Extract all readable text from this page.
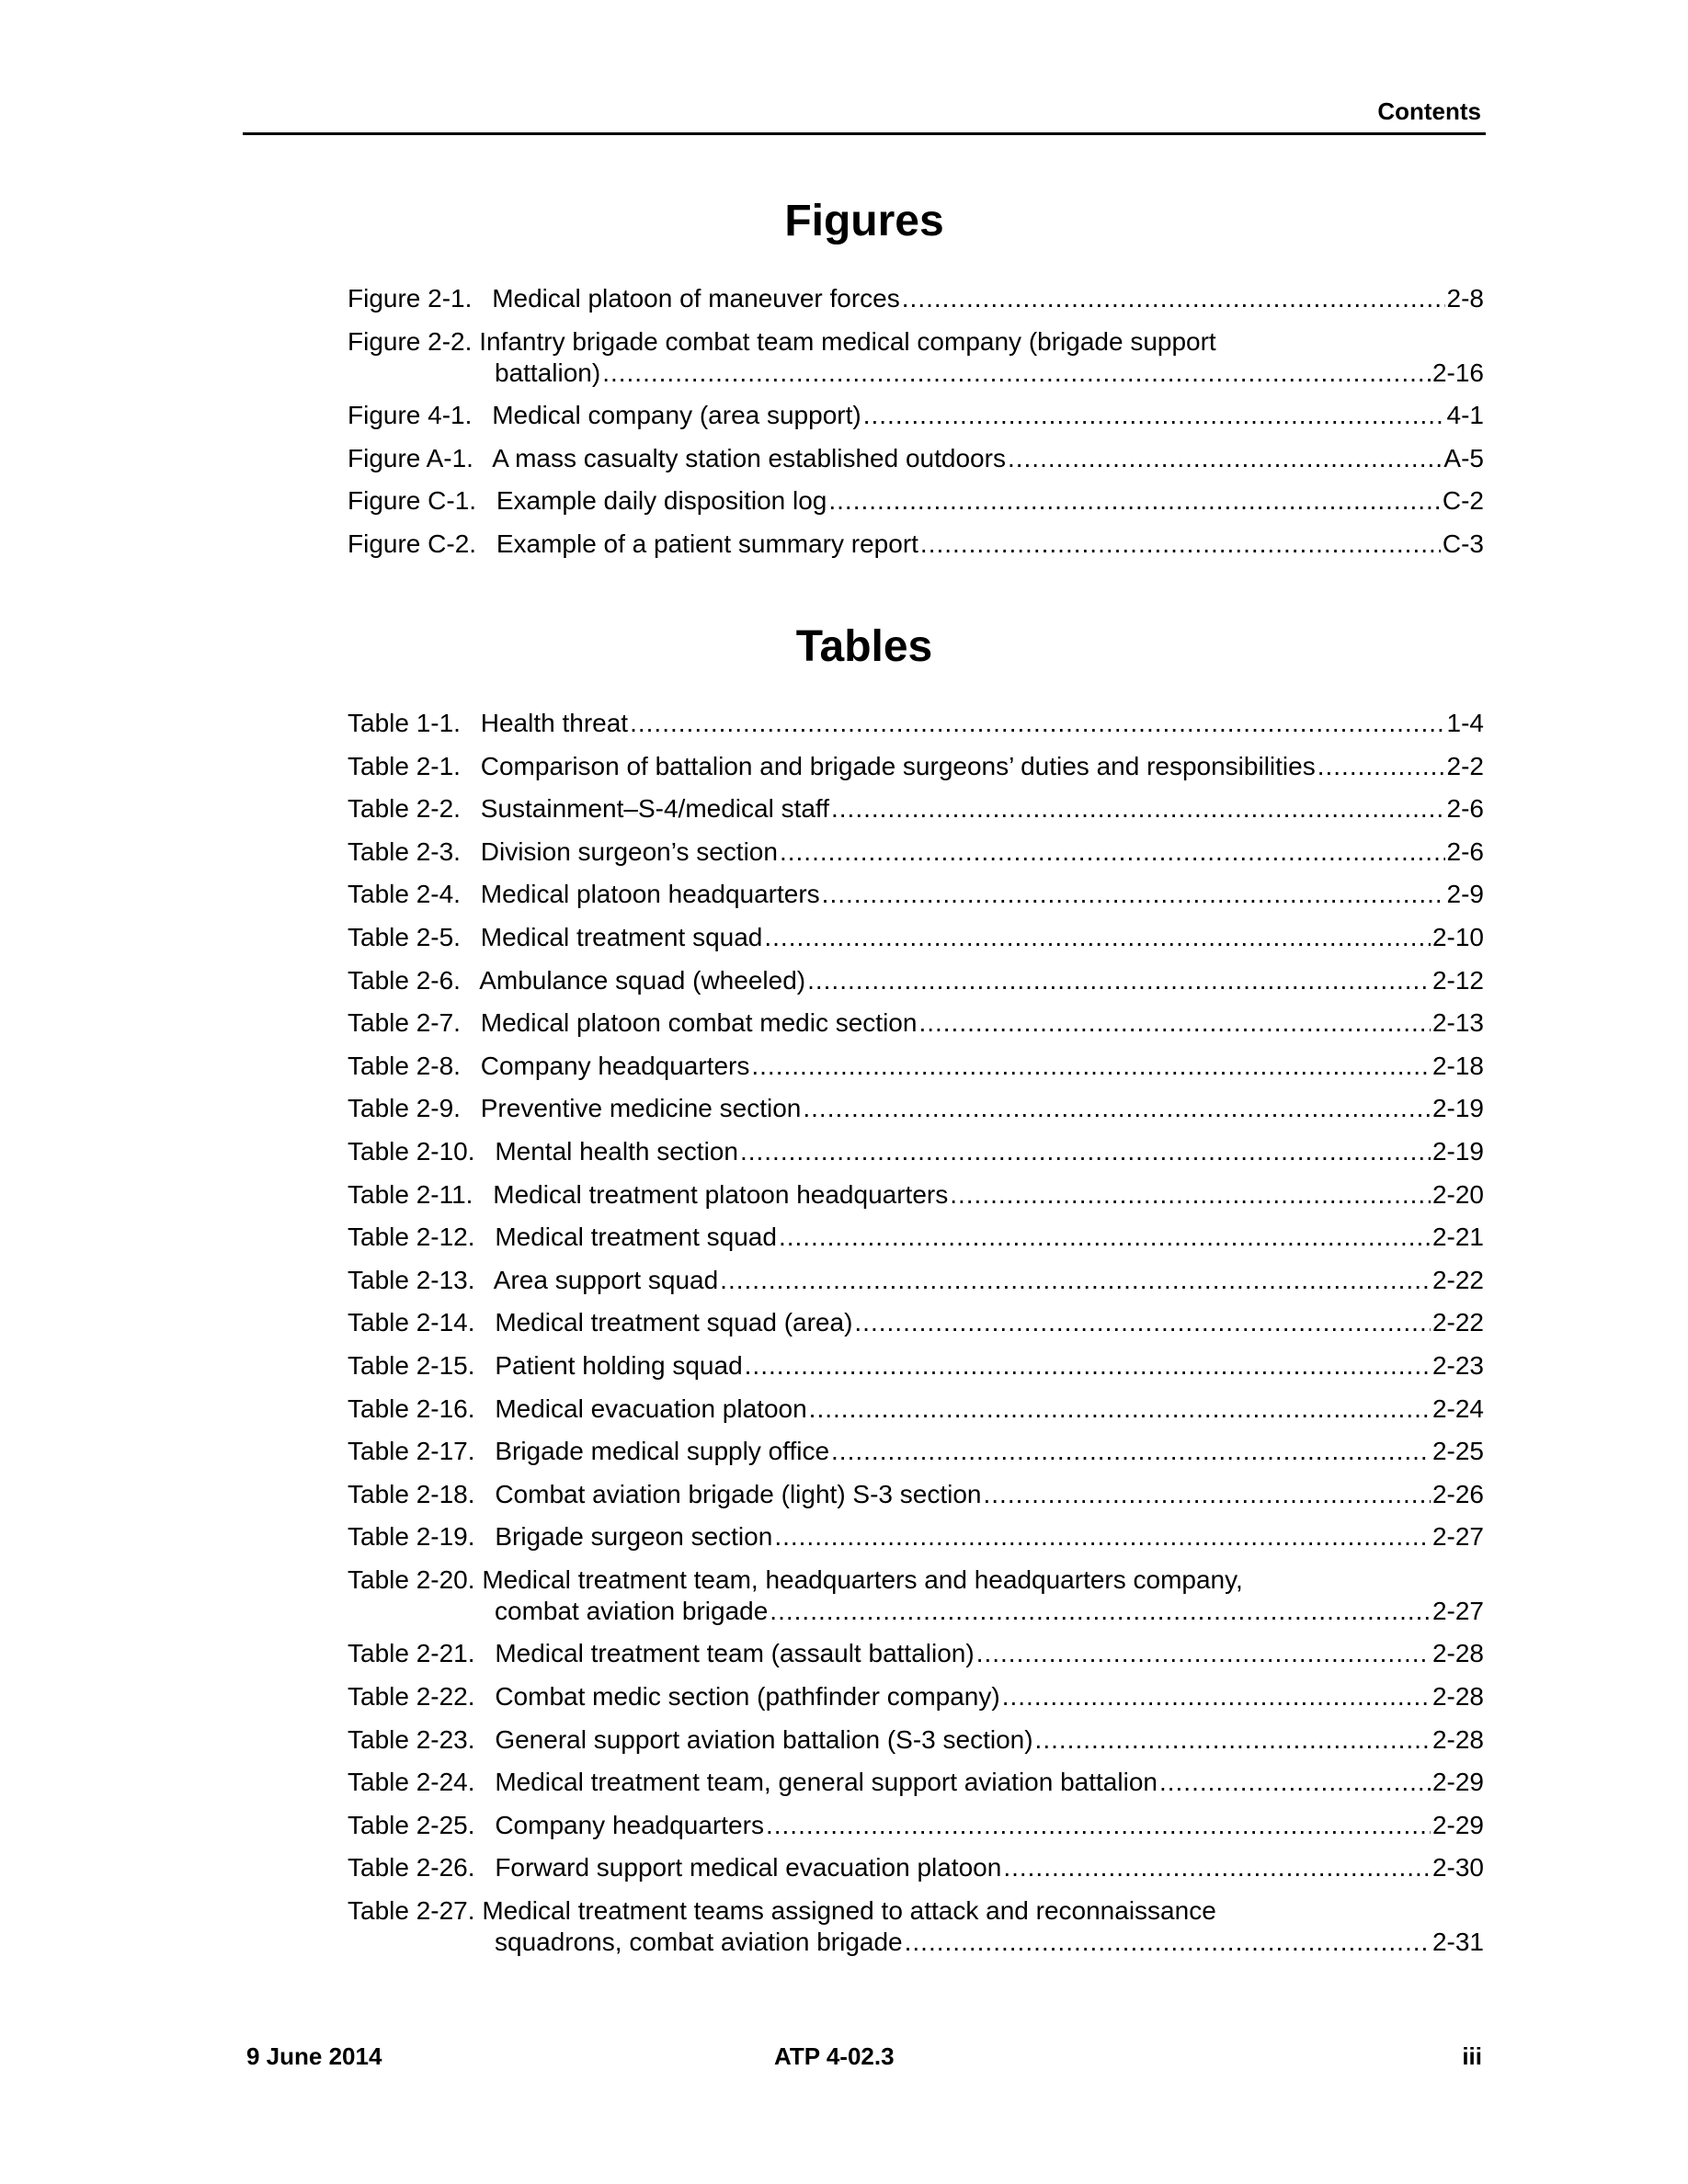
Contents
Figures
Figure 2-1. Medical platoon of maneuver forces .....	2-8
Figure 2-2. Infantry brigade combat team medical company (brigade support
battalion) .....	2-16
Figure 4-1. Medical company (area support) .....	4-1
Figure A-1. A mass casualty station established outdoors .....	A-5
Figure C-1. Example daily disposition log .....	C-2
Figure C-2. Example of a patient summary report .....	C-3
Tables
Table 1-1. Health threat .....	1-4
Table 2-1. Comparison of battalion and brigade surgeons’ duties and responsibilities .....	2-2
Table 2-2. Sustainment–S-4/medical staff .....	2-6
Table 2-3. Division surgeon’s section .....	2-6
Table 2-4. Medical platoon headquarters .....	2-9
Table 2-5. Medical treatment squad .....	2-10
Table 2-6. Ambulance squad (wheeled) .....	2-12
Table 2-7. Medical platoon combat medic section .....	2-13
Table 2-8. Company headquarters .....	2-18
Table 2-9. Preventive medicine section .....	2-19
Table 2-10. Mental health section .....	2-19
Table 2-11. Medical treatment platoon headquarters .....	2-20
Table 2-12. Medical treatment squad .....	2-21
Table 2-13. Area support squad .....	2-22
Table 2-14. Medical treatment squad (area) .....	2-22
Table 2-15. Patient holding squad .....	2-23
Table 2-16. Medical evacuation platoon .....	2-24
Table 2-17. Brigade medical supply office .....	2-25
Table 2-18. Combat aviation brigade (light) S-3 section .....	2-26
Table 2-19. Brigade surgeon section .....	2-27
Table 2-20. Medical treatment team, headquarters and headquarters company,
combat aviation brigade .....	2-27
Table 2-21. Medical treatment team (assault battalion) .....	2-28
Table 2-22. Combat medic section (pathfinder company) .....	2-28
Table 2-23. General support aviation battalion (S-3 section) .....	2-28
Table 2-24. Medical treatment team, general support aviation battalion .....	2-29
Table 2-25. Company headquarters .....	2-29
Table 2-26. Forward support medical evacuation platoon .....	2-30
Table 2-27. Medical treatment teams assigned to attack and reconnaissance
squadrons, combat aviation brigade .....	2-31
9 June 2014	ATP 4-02.3	iii
